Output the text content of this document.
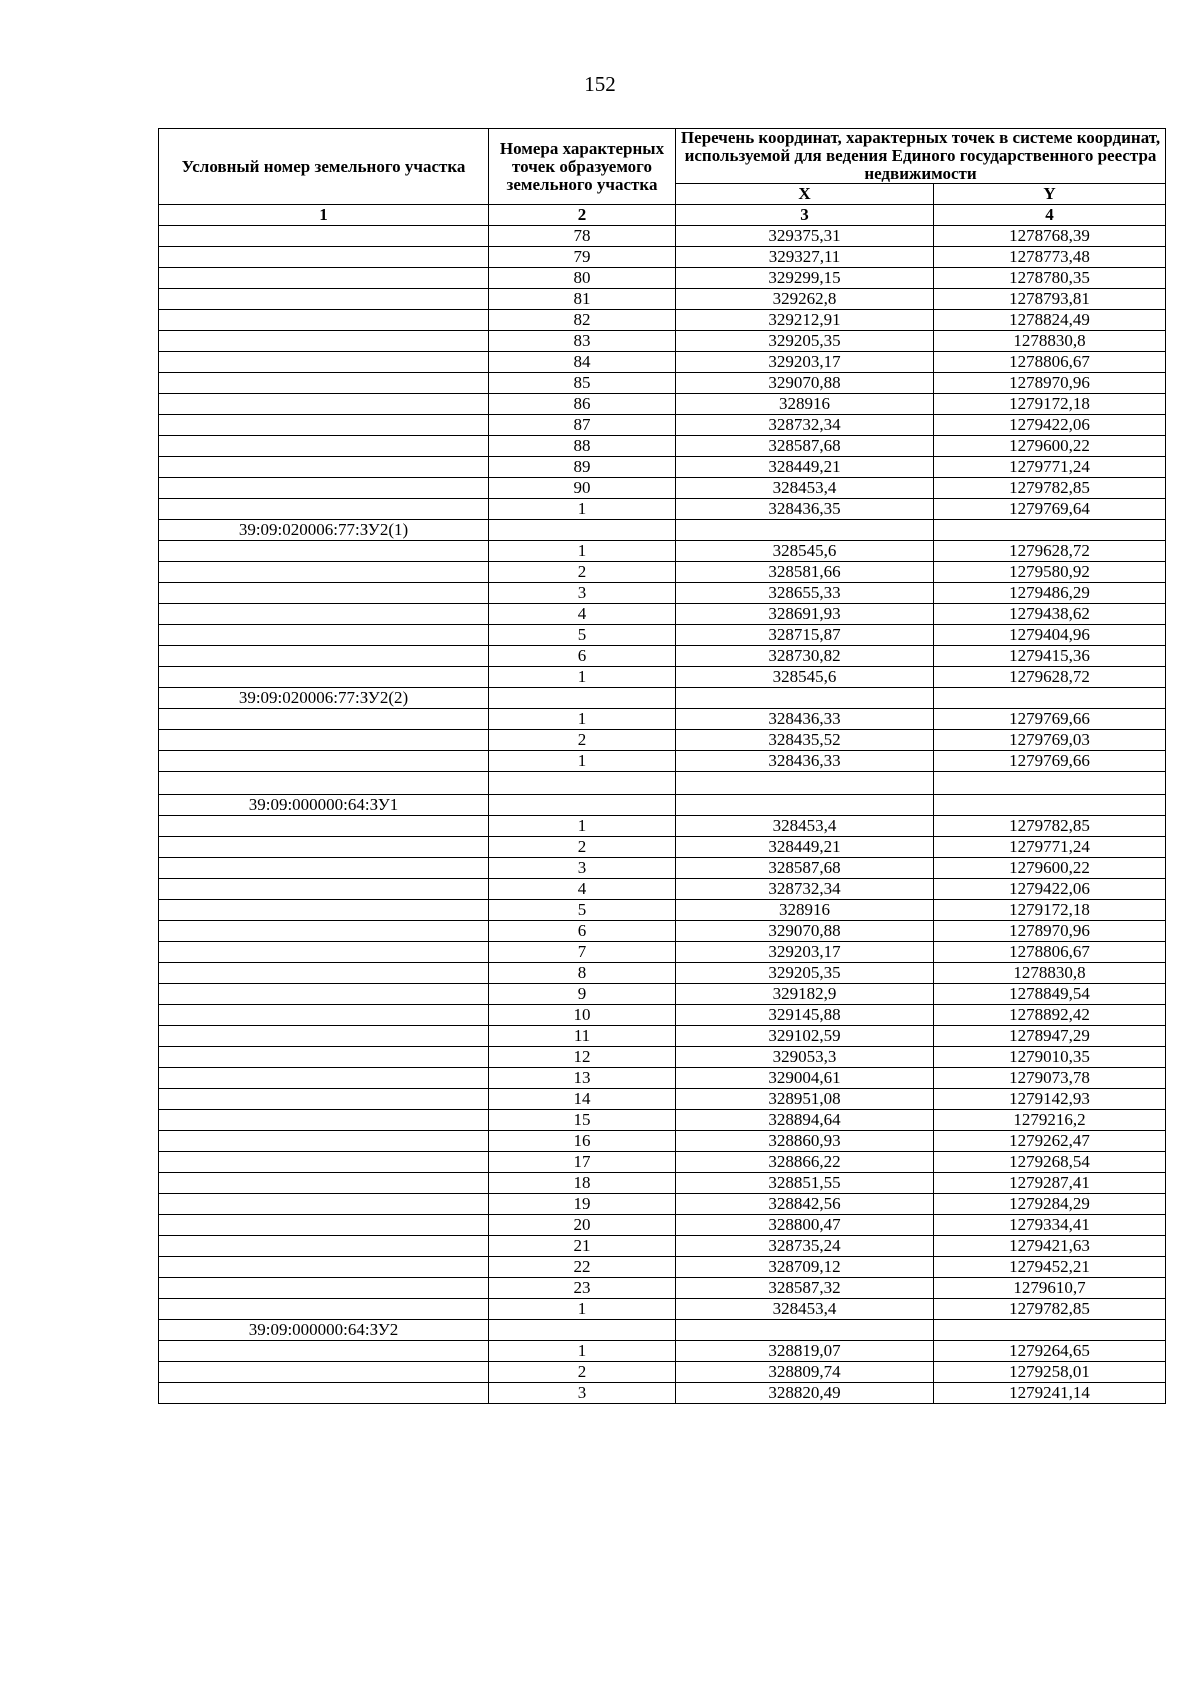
152
Условный номер земельного участка	Номера характерных точек образуемого земельного участка	Перечень координат, характерных точек в системе координат, используемой для ведения Единого государственного реестра недвижимости	
		X	Y
1	2	3	4
	78	329375,31	1278768,39
	79	329327,11	1278773,48
	80	329299,15	1278780,35
	81	329262,8	1278793,81
	82	329212,91	1278824,49
	83	329205,35	1278830,8
	84	329203,17	1278806,67
	85	329070,88	1278970,96
	86	328916	1279172,18
	87	328732,34	1279422,06
	88	328587,68	1279600,22
	89	328449,21	1279771,24
	90	328453,4	1279782,85
	1	328436,35	1279769,64
39:09:020006:77:ЗУ2(1)			
	1	328545,6	1279628,72
	2	328581,66	1279580,92
	3	328655,33	1279486,29
	4	328691,93	1279438,62
	5	328715,87	1279404,96
	6	328730,82	1279415,36
	1	328545,6	1279628,72
39:09:020006:77:ЗУ2(2)			
	1	328436,33	1279769,66
	2	328435,52	1279769,03
	1	328436,33	1279769,66

39:09:000000:64:ЗУ1			
	1	328453,4	1279782,85
	2	328449,21	1279771,24
	3	328587,68	1279600,22
	4	328732,34	1279422,06
	5	328916	1279172,18
	6	329070,88	1278970,96
	7	329203,17	1278806,67
	8	329205,35	1278830,8
	9	329182,9	1278849,54
	10	329145,88	1278892,42
	11	329102,59	1278947,29
	12	329053,3	1279010,35
	13	329004,61	1279073,78
	14	328951,08	1279142,93
	15	328894,64	1279216,2
	16	328860,93	1279262,47
	17	328866,22	1279268,54
	18	328851,55	1279287,41
	19	328842,56	1279284,29
	20	328800,47	1279334,41
	21	328735,24	1279421,63
	22	328709,12	1279452,21
	23	328587,32	1279610,7
	1	328453,4	1279782,85
39:09:000000:64:ЗУ2			
	1	328819,07	1279264,65
	2	328809,74	1279258,01
	3	328820,49	1279241,14
